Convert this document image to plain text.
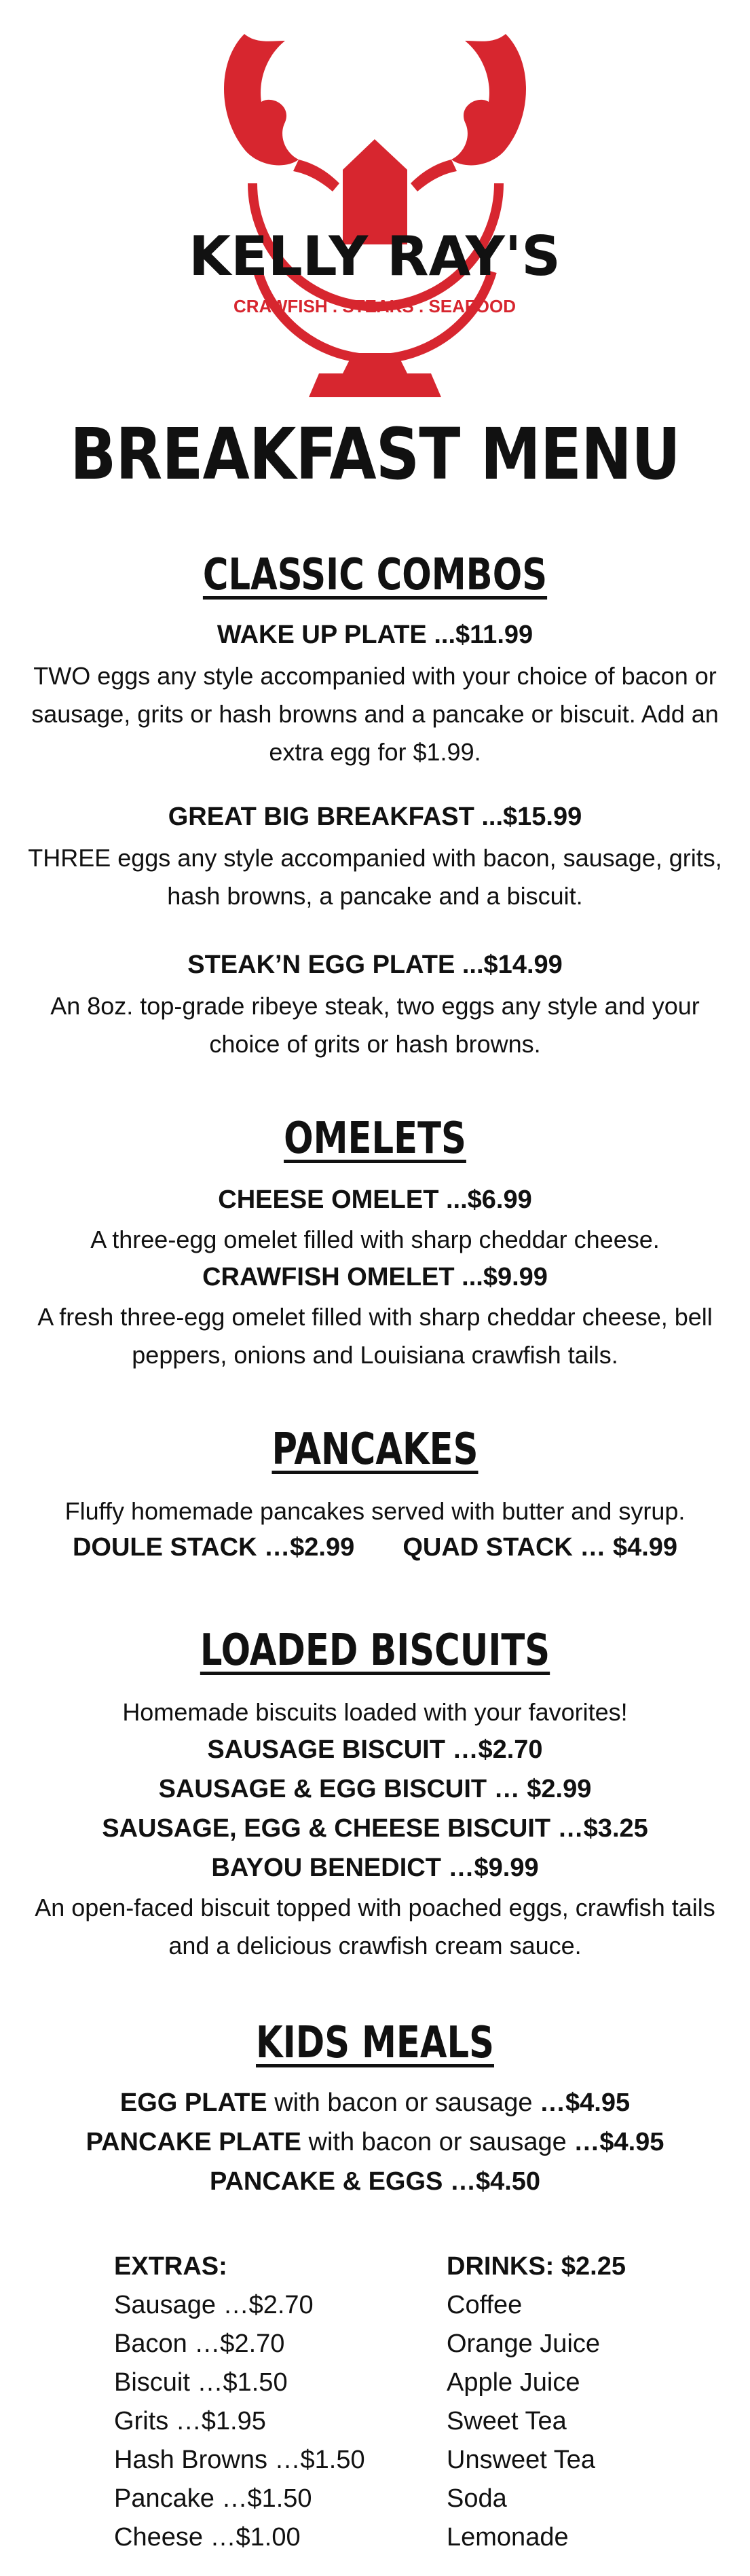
KELLY RAY'S
CRAWFISH . STEAKS . SEAFOOD
BREAKFAST MENU
CLASSIC COMBOS
WAKE UP PLATE ...$11.99
TWO eggs any style accompanied with your choice of bacon or sausage, grits or hash browns and a pancake or biscuit. Add an extra egg for $1.99.
GREAT BIG BREAKFAST ...$15.99
THREE eggs any style accompanied with bacon, sausage, grits, hash browns, a pancake and a biscuit.
STEAK’N EGG PLATE ...$14.99
An 8oz. top-grade ribeye steak, two eggs any style and your choice of grits or hash browns.
OMELETS
CHEESE OMELET ...$6.99
A three-egg omelet filled with sharp cheddar cheese.
CRAWFISH OMELET ...$9.99
A fresh three-egg omelet filled with sharp cheddar cheese, bell peppers, onions and Louisiana crawfish tails.
PANCAKES
Fluffy homemade pancakes served with butter and syrup.
DOULE STACK …$2.99 QUAD STACK … $4.99
LOADED BISCUITS
Homemade biscuits loaded with your favorites!
SAUSAGE BISCUIT …$2.70
SAUSAGE & EGG BISCUIT … $2.99
SAUSAGE, EGG & CHEESE BISCUIT …$3.25
BAYOU BENEDICT …$9.99
An open-faced biscuit topped with poached eggs, crawfish tails and a delicious crawfish cream sauce.
KIDS MEALS
EGG PLATE with bacon or sausage …$4.95
PANCAKE PLATE with bacon or sausage …$4.95
PANCAKE & EGGS …$4.50
EXTRAS:
Sausage …$2.70
Bacon …$2.70
Biscuit …$1.50
Grits …$1.95
Hash Browns …$1.50
Pancake …$1.50
Cheese …$1.00
DRINKS: $2.25
Coffee
Orange Juice
Apple Juice
Sweet Tea
Unsweet Tea
Soda
Lemonade
